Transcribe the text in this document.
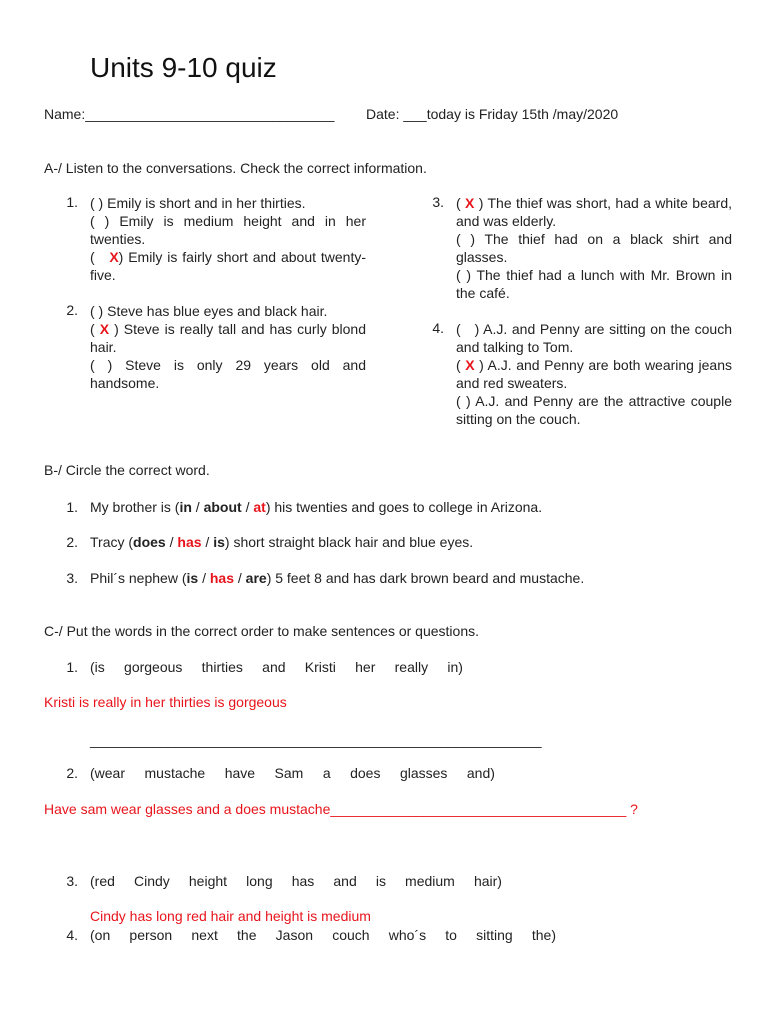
Units 9-10 quiz
Name:________________________________ Date: ___today is Friday 15th /may/2020
A-/ Listen to the conversations. Check the correct information.
1. ( ) Emily is short and in her thirties.

( ) Emily is medium height and in her twenties.

(   X) Emily is fairly short and about twenty-five.

2. ( ) Steve has blue eyes and black hair.

( X ) Steve is really tall and has curly blond hair.

( ) Steve is only 29 years old and handsome.

3. ( X ) The thief was short, had a white beard, and was elderly.

( ) The thief had on a black shirt and glasses.

( ) The thief had a lunch with Mr. Brown in the café.

4. (   ) A.J. and Penny are sitting on the couch and talking to Tom.

( X ) A.J. and Penny are both wearing jeans and red sweaters.

( ) A.J. and Penny are the attractive couple sitting on the couch.

B-/ Circle the correct word.
1. My brother is (in / about / at) his twenties and goes to college in Arizona.
2. Tracy (does / has / is) short straight black hair and blue eyes.
3. Phil´s nephew (is / has / are) 5 feet 8 and has dark brown beard and mustache.
C-/ Put the words in the correct order to make sentences or questions.
1. (is gorgeous thirties and Kristi her really in)
Kristi is really in her thirties is gorgeous
__________________________________________________________
2. (wear mustache have Sam a does glasses and)
Have sam wear glasses and a does mustache______________________________________ ?
3. (red Cindy height long has and is medium hair)
Cindy has long red hair and height is medium
4. (on person next the Jason couch who´s to sitting the)
